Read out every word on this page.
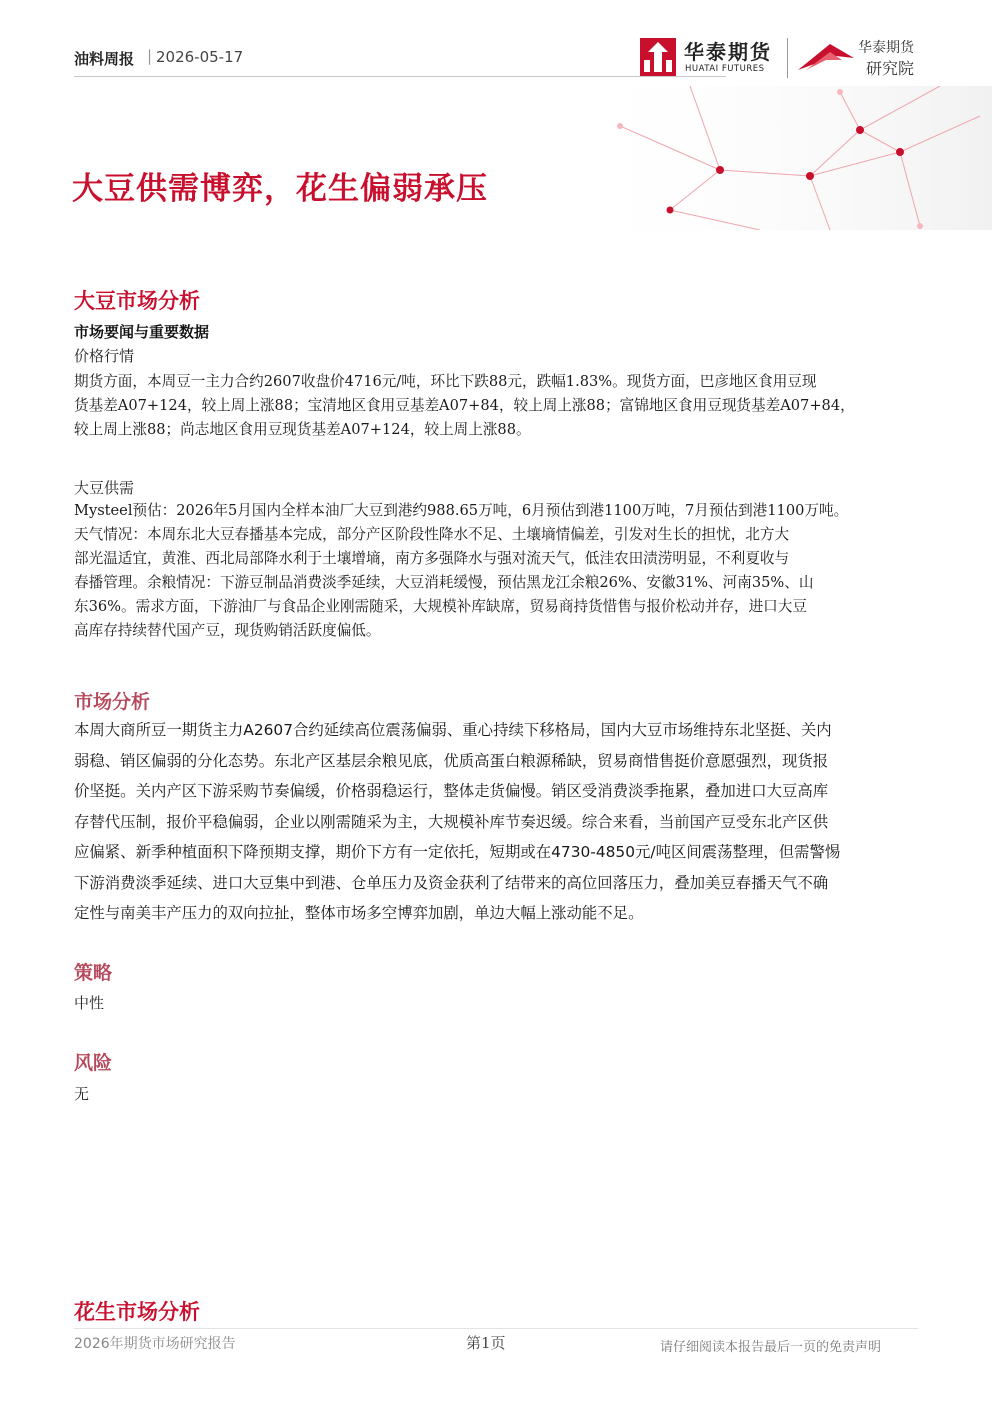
油料周报 | 2026-05-17	华泰期货
HUATAI FUTURES
华泰期货
研究院
大豆供需博弈，花生偏弱承压
大豆市场分析
市场要闻与重要数据
价格行情
期货方面，本周豆一主力合约2607收盘价4716元/吨，环比下跌88元，跌幅1.83%。现货方面，巴彦地区食用豆现
货基差A07+124，较上周上涨88；宝清地区食用豆基差A07+84，较上周上涨88；富锦地区食用豆现货基差A07+84，
较上周上涨88；尚志地区食用豆现货基差A07+124，较上周上涨88。
大豆供需
Mysteel预估：2026年5月国内全样本油厂大豆到港约988.65万吨，6月预估到港1100万吨，7月预估到港1100万吨。
天气情况：本周东北大豆春播基本完成，部分产区阶段性降水不足、土壤墒情偏差，引发对生长的担忧，北方大
部光温适宜，黄淮、西北局部降水利于土壤增墒，南方多强降水与强对流天气，低洼农田渍涝明显，不利夏收与
春播管理。余粮情况：下游豆制品消费淡季延续，大豆消耗缓慢，预估黑龙江余粮26%、安徽31%、河南35%、山
东36%。需求方面，下游油厂与食品企业刚需随采，大规模补库缺席，贸易商持货惜售与报价松动并存，进口大豆
高库存持续替代国产豆，现货购销活跃度偏低。
市场分析
本周大商所豆一期货主力A2607合约延续高位震荡偏弱、重心持续下移格局，国内大豆市场维持东北坚挺、关内
弱稳、销区偏弱的分化态势。东北产区基层余粮见底，优质高蛋白粮源稀缺，贸易商惜售挺价意愿强烈，现货报
价坚挺。关内产区下游采购节奏偏缓，价格弱稳运行，整体走货偏慢。销区受消费淡季拖累，叠加进口大豆高库
存替代压制，报价平稳偏弱，企业以刚需随采为主，大规模补库节奏迟缓。综合来看，当前国产豆受东北产区供
应偏紧、新季种植面积下降预期支撑，期价下方有一定依托，短期或在4730-4850元/吨区间震荡整理，但需警惕
下游消费淡季延续、进口大豆集中到港、仓单压力及资金获利了结带来的高位回落压力，叠加美豆春播天气不确
定性与南美丰产压力的双向拉扯，整体市场多空博弈加剧，单边大幅上涨动能不足。
策略
中性
风险
无
花生市场分析
2026年期货市场研究报告	第1页	请仔细阅读本报告最后一页的免责声明
